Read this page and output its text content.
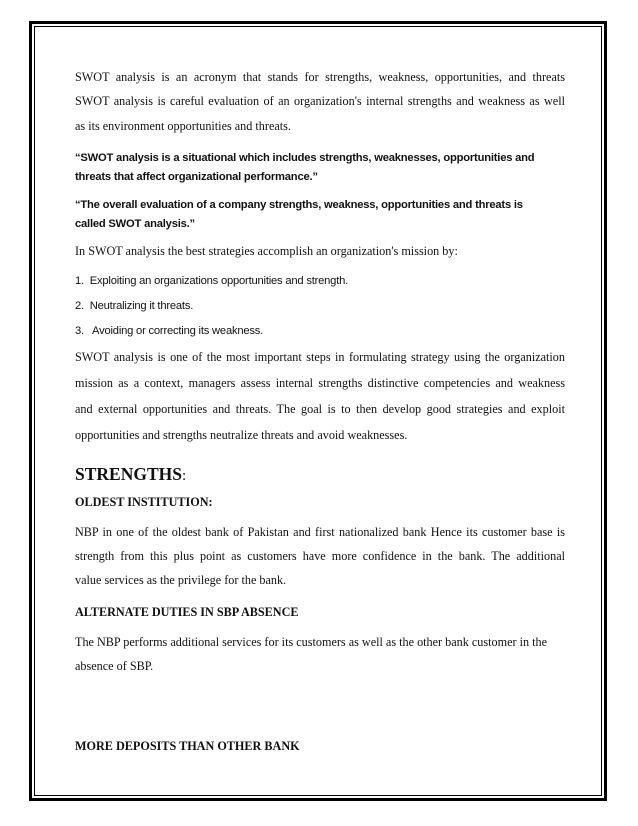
SWOT analysis is an acronym that stands for strengths, weakness, opportunities, and threats

SWOT analysis is careful evaluation of an organization's internal strengths and weakness as well

as its environment opportunities and threats.

“SWOT analysis is a situational which includes strengths, weaknesses, opportunities and

threats that affect organizational performance.”

“The overall evaluation of a company strengths, weakness, opportunities and threats is

called SWOT analysis.”

In SWOT analysis the best strategies accomplish an organization's mission by:

1.  Exploiting an organizations opportunities and strength.

2.  Neutralizing it threats.

3.   Avoiding or correcting its weakness.

SWOT analysis is one of the most important steps in formulating strategy using the organization

mission as a context, managers assess internal strengths distinctive competencies and weakness

and external opportunities and threats. The goal is to then develop good strategies and exploit

opportunities and strengths neutralize threats and avoid weaknesses.

STRENGTHS:

OLDEST INSTITUTION:

NBP in one of the oldest bank of Pakistan and first nationalized bank Hence its customer base is

strength from this plus point as customers have more confidence in the bank. The additional

value services as the privilege for the bank.

ALTERNATE DUTIES IN SBP ABSENCE

The NBP performs additional services for its customers as well as the other bank customer in the

absence of SBP.

MORE DEPOSITS THAN OTHER BANK
